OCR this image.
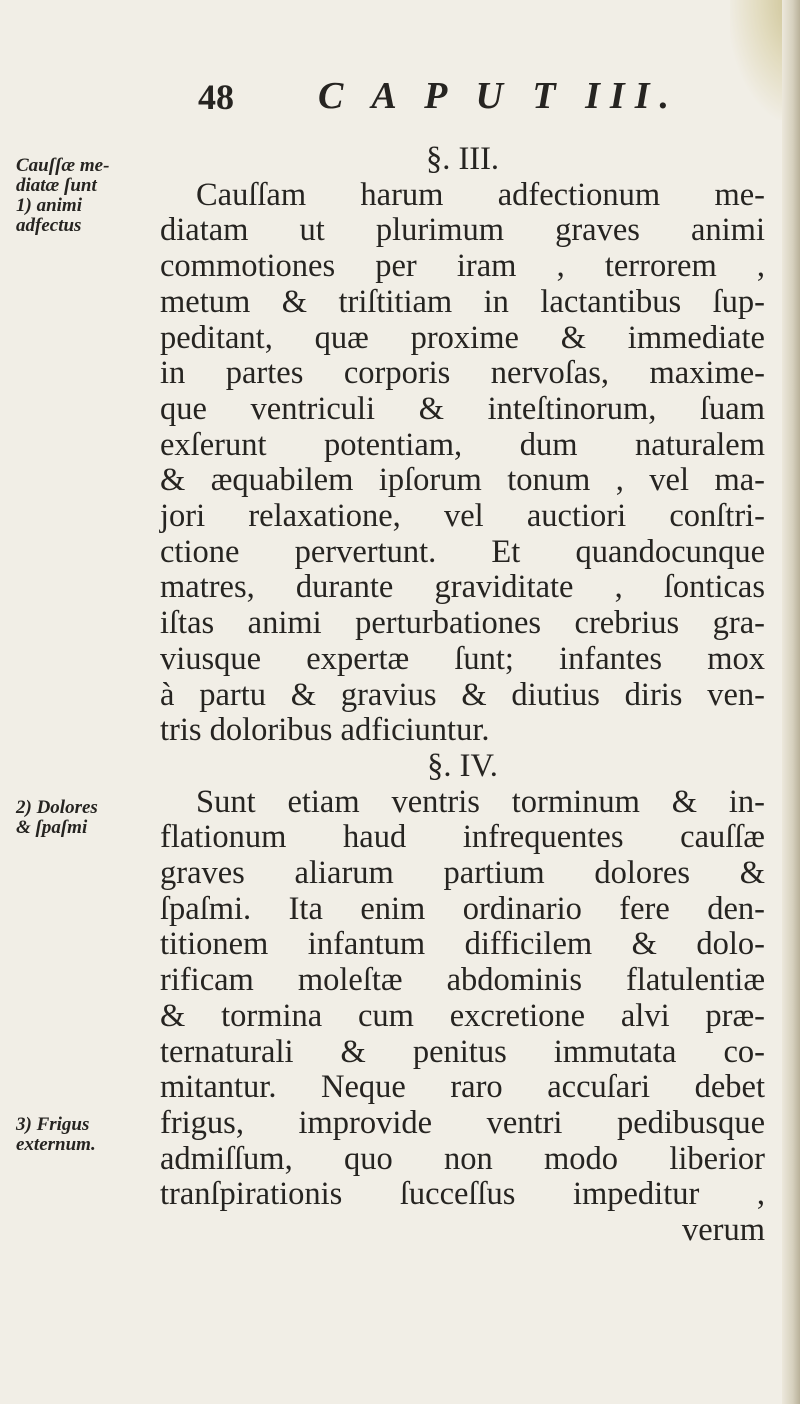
48 C A P U T III.
Cauſſæ me-
diatæ ſunt
1) animi
adfectus
2) Dolores
& ſpaſmi
3) Frigus
externum.
§. III.
Cauſſam harum adfectionum me-
diatam ut plurimum graves animi
commotiones per iram , terrorem ,
metum & triſtitiam in lactantibus ſup-
peditant, quæ proxime & immediate
in partes corporis nervoſas, maxime-
que ventriculi & inteſtinorum, ſuam
exſerunt potentiam, dum naturalem
& æquabilem ipſorum tonum , vel ma-
jori relaxatione, vel auctiori conſtri-
ctione pervertunt. Et quandocunque
matres, durante graviditate , ſonticas
iſtas animi perturbationes crebrius gra-
viusque expertæ ſunt; infantes mox
à partu & gravius & diutius diris ven-
tris doloribus adficiuntur.
§. IV.
Sunt etiam ventris torminum & in-
flationum haud infrequentes cauſſæ
graves aliarum partium dolores &
ſpaſmi. Ita enim ordinario fere den-
titionem infantum difficilem & dolo-
rificam moleſtæ abdominis flatulentiæ
& tormina cum excretione alvi præ-
ternaturali & penitus immutata co-
mitantur. Neque raro accuſari debet
frigus, improvide ventri pedibusque
admiſſum, quo non modo liberior
tranſpirationis ſucceſſus impeditur ,
verum
